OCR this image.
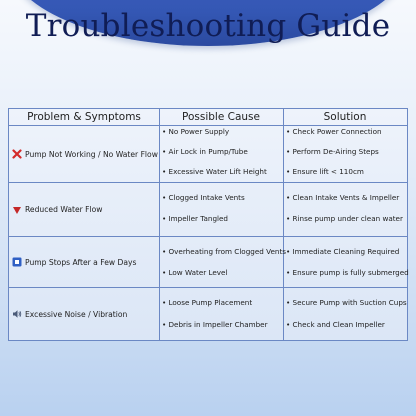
Troubleshooting Guide
Problem & Symptoms	Possible Cause	Solution
Pump Not Working / No Water Flow
• No Power Supply
• Air Lock in Pump/Tube
• Excessive Water Lift Height
• Check Power Connection
• Perform De-Airing Steps
• Ensure lift < 110cm
Reduced Water Flow
• Clogged Intake Vents
• Impeller Tangled
• Clean Intake Vents & Impeller
• Rinse pump under clean water
Pump Stops After a Few Days
• Overheating from Clogged Vents
• Low Water Level
• Immediate Cleaning Required
• Ensure pump is fully submerged
Excessive Noise / Vibration
• Loose Pump Placement
• Debris in Impeller Chamber
• Secure Pump with Suction Cups
• Check and Clean Impeller
